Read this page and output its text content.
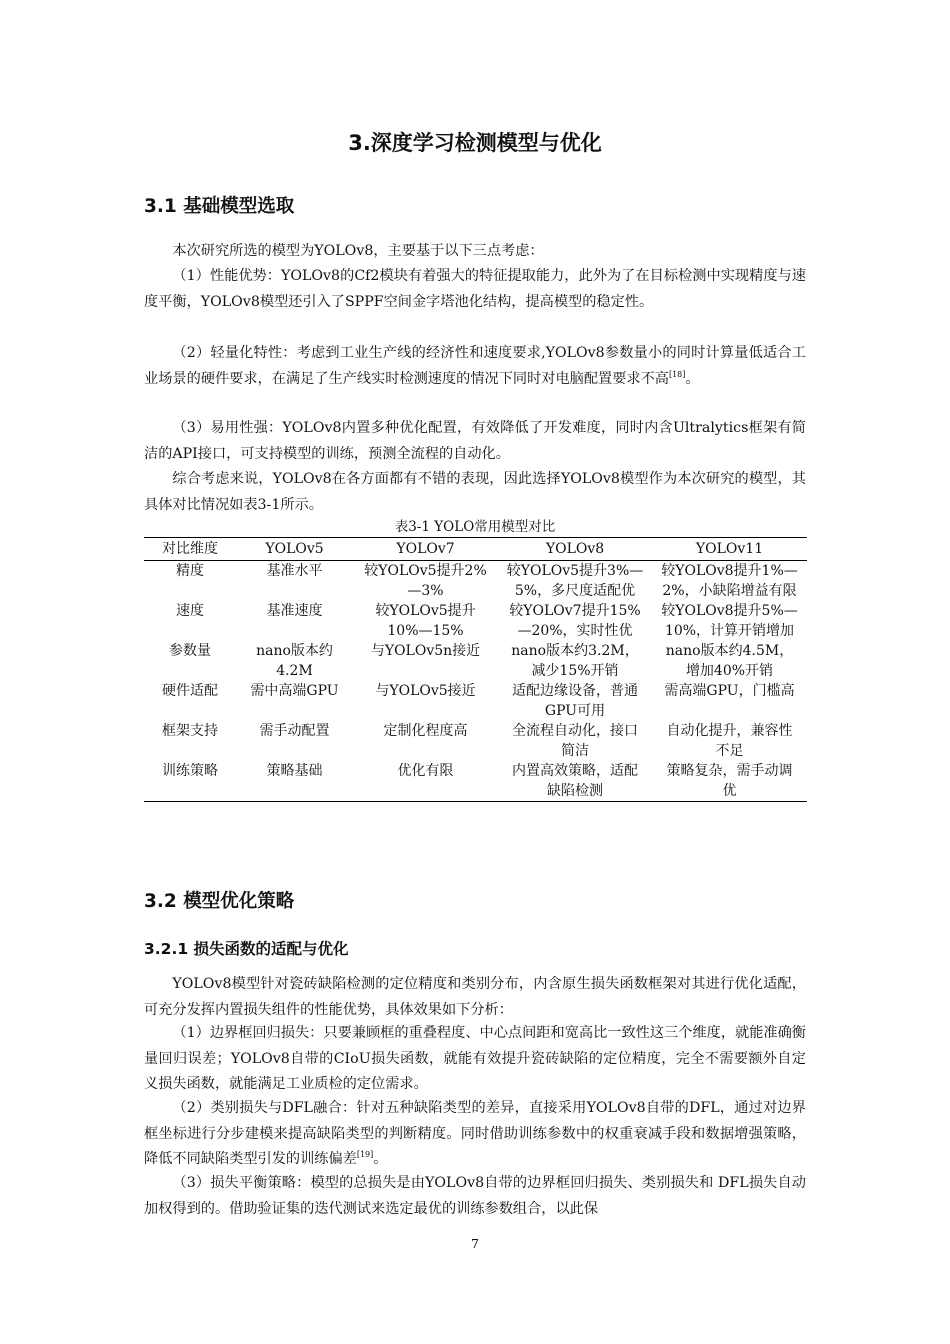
3.深度学习检测模型与优化
3.1 基础模型选取

本次研究所选的模型为YOLOv8，主要基于以下三点考虑：

（1）性能优势：YOLOv8的Cf2模块有着强大的特征提取能力，此外为了在目标检测中实现精度与速度平衡，YOLOv8模型还引入了SPPF空间金字塔池化结构，提高模型的稳定性。

（2）轻量化特性：考虑到工业生产线的经济性和速度要求,YOLOv8参数量小的同时计算量低适合工业场景的硬件要求，在满足了生产线实时检测速度的情况下同时对电脑配置要求不高[18]。

（3）易用性强：YOLOv8内置多种优化配置，有效降低了开发难度，同时内含Ultralytics框架有简洁的API接口，可支持模型的训练，预测全流程的自动化。

综合考虑来说，YOLOv8在各方面都有不错的表现，因此选择YOLOv8模型作为本次研究的模型，其具体对比情况如表3-1所示。

表3-1 YOLO常用模型对比
对比维度	YOLOv5	YOLOv7	YOLOv8	YOLOv11
精度	基准水平	较YOLOv5提升2%—3%	较YOLOv5提升3%—5%，多尺度适配优	较YOLOv8提升1%—2%，小缺陷增益有限
速度	基准速度	较YOLOv5提升10%—15%	较YOLOv7提升15%—20%，实时性优	较YOLOv8提升5%—10%，计算开销增加
参数量	nano版本约4.2M	与YOLOv5n接近	nano版本约3.2M，减少15%开销	nano版本约4.5M，增加40%开销
硬件适配	需中高端GPU	与YOLOv5接近	适配边缘设备，普通GPU可用	需高端GPU，门槛高
框架支持	需手动配置	定制化程度高	全流程自动化，接口简洁	自动化提升，兼容性不足
训练策略	策略基础	优化有限	内置高效策略，适配缺陷检测	策略复杂，需手动调优
3.2 模型优化策略
3.2.1 损失函数的适配与优化

YOLOv8模型针对瓷砖缺陷检测的定位精度和类别分布，内含原生损失函数框架对其进行优化适配，可充分发挥内置损失组件的性能优势，具体效果如下分析：

（1）边界框回归损失：只要兼顾框的重叠程度、中心点间距和宽高比一致性这三个维度，就能准确衡量回归误差；YOLOv8自带的CIoU损失函数，就能有效提升瓷砖缺陷的定位精度，完全不需要额外自定义损失函数，就能满足工业质检的定位需求。

（2）类别损失与DFL融合：针对五种缺陷类型的差异，直接采用YOLOv8自带的DFL，通过对边界框坐标进行分步建模来提高缺陷类型的判断精度。同时借助训练参数中的权重衰减手段和数据增强策略，降低不同缺陷类型引发的训练偏差[19]。

（3）损失平衡策略：模型的总损失是由YOLOv8自带的边界框回归损失、类别损失和 DFL损失自动加权得到的。借助验证集的迭代测试来选定最优的训练参数组合，以此保

7
